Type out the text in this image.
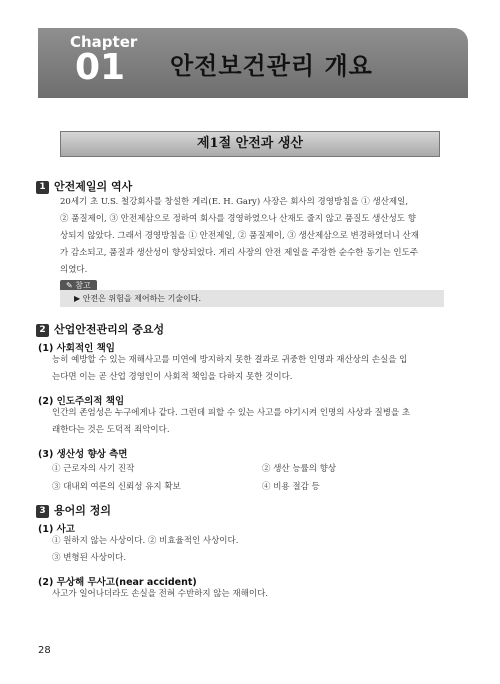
Chapter
01 안전보건관리 개요
제1절 안전과 생산
1 안전제일의 역사
20세기 초 U.S. 철강회사를 창설한 게리(E. H. Gary) 사장은 회사의 경영방침을 ① 생산제일,
② 품질제이, ③ 안전제삼으로 정하여 회사를 경영하였으나 산재도 줄지 않고 품질도 생산성도 향
상되지 않았다. 그래서 경영방침을 ① 안전제일, ② 품질제이, ③ 생산제삼으로 변경하였더니 산재
가 감소되고, 품질과 생산성이 향상되었다. 게리 사장의 안전 제일을 주장한 순수한 동기는 인도주
의였다.
✎ 참고
▶ 안전은 위험을 제어하는 기술이다.
2 산업안전관리의 중요성
(1) 사회적인 책임
능히 예방할 수 있는 재해사고를 미연에 방지하지 못한 결과로 귀중한 인명과 재산상의 손실을 입
는다면 이는 곧 산업 경영인이 사회적 책임을 다하지 못한 것이다.
(2) 인도주의적 책임
인간의 존엄성은 누구에게나 같다. 그런데 피할 수 있는 사고를 야기시켜 인명의 사상과 질병을 초
래한다는 것은 도덕적 죄악이다.
(3) 생산성 향상 측면
① 근로자의 사기 진작	② 생산 능률의 향상
③ 대내외 여론의 신뢰성 유지 확보	④ 비용 절감 등
3 용어의 정의
(1) 사고
① 원하지 않는 사상이다. ② 비효율적인 사상이다.
③ 변형된 사상이다.
(2) 무상해 무사고(near accident)
사고가 일어나더라도 손실을 전혀 수반하지 않는 재해이다.
28
